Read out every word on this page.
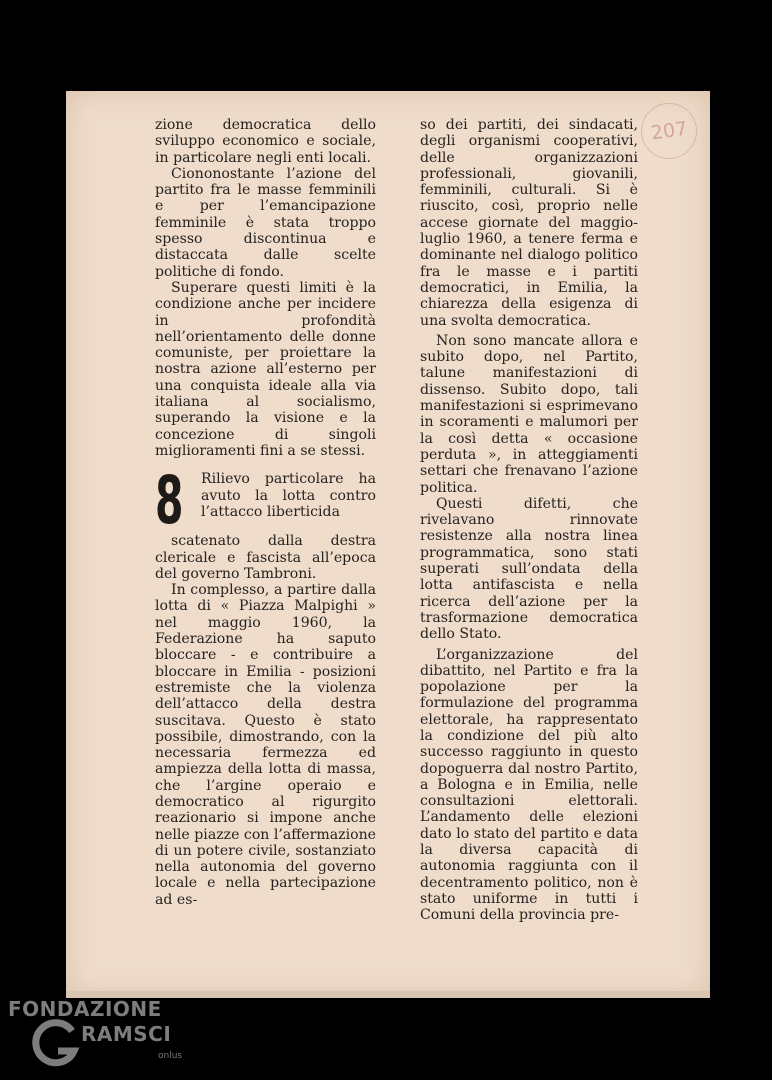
207

zione democratica dello sviluppo economico e sociale, in particolare negli enti locali.

Ciononostante l’azione del partito fra le masse femminili e per l’emancipazione femminile è stata troppo spesso discontinua e distaccata dalle scelte politiche di fondo.

Superare questi limiti è la condizione anche per incidere in profondità nell’orientamento delle donne comuniste, per proiettare la nostra azione all’esterno per una conquista ideale alla via italiana al socialismo, superando la visione e la concezione di singoli miglioramenti fini a se stessi.

8 Rilievo particolare ha avuto la lotta contro l’attacco liberticida

scatenato dalla destra clericale e fascista all’epoca del governo Tambroni.

In complesso, a partire dalla lotta di « Piazza Malpighi » nel maggio 1960, la Federazione ha saputo bloccare - e contribuire a bloccare in Emilia - posizioni estremiste che la violenza dell’attacco della destra suscitava. Questo è stato possibile, dimostrando, con la necessaria fermezza ed ampiezza della lotta di massa, che l’argine operaio e democratico al rigurgito reazionario si impone anche nelle piazze con l’affermazione di un potere civile, sostanziato nella autonomia del governo locale e nella partecipazione ad es-

so dei partiti, dei sindacati, degli organismi cooperativi, delle organizzazioni professionali, giovanili, femminili, culturali. Si è riuscito, così, proprio nelle accese giornate del maggio-luglio 1960, a tenere ferma e dominante nel dialogo politico fra le masse e i partiti democratici, in Emilia, la chiarezza della esigenza di una svolta democratica.

Non sono mancate allora e subito dopo, nel Partito, talune manifestazioni di dissenso. Subito dopo, tali manifestazioni si esprimevano in scoramenti e malumori per la così detta « occasione perduta », in atteggiamenti settari che frenavano l’azione politica.

Questi difetti, che rivelavano rinnovate resistenze alla nostra linea programmatica, sono stati superati sull’ondata della lotta antifascista e nella ricerca dell’azione per la trasformazione democratica dello Stato.

L’organizzazione del dibattito, nel Partito e fra la popolazione per la formulazione del programma elettorale, ha rappresentato la condizione del più alto successo raggiunto in questo dopoguerra dal nostro Partito, a Bologna e in Emilia, nelle consultazioni elettorali. L’andamento delle elezioni dato lo stato del partito e data la diversa capacità di autonomia raggiunta con il decentramento politico, non è stato uniforme in tutti i Comuni della provincia pre-

FONDAZIONE
RAMSCI
onlus
